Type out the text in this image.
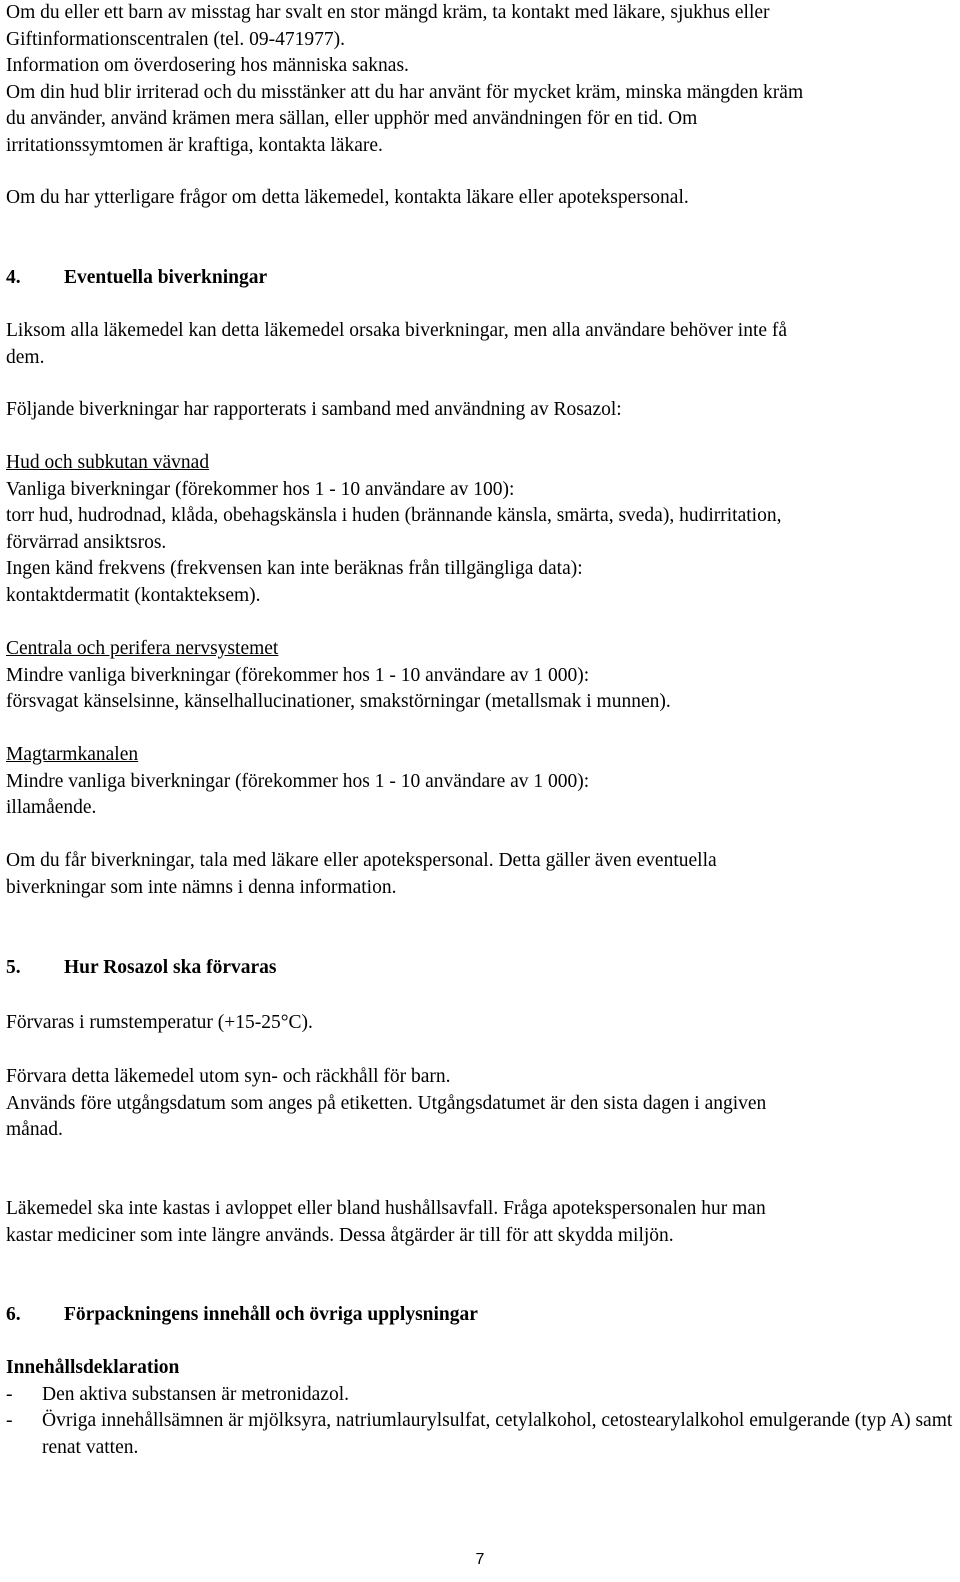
Om du eller ett barn av misstag har svalt en stor mängd kräm, ta kontakt med läkare, sjukhus eller

Giftinformationscentralen (tel. 09-471977).

Information om överdosering hos människa saknas.

Om din hud blir irriterad och du misstänker att du har använt för mycket kräm, minska mängden kräm

du använder, använd krämen mera sällan, eller upphör med användningen för en tid. Om

irritationssymtomen är kraftiga, kontakta läkare.

Om du har ytterligare frågor om detta läkemedel, kontakta läkare eller apotekspersonal.

4. Eventuella biverkningar

Liksom alla läkemedel kan detta läkemedel orsaka biverkningar, men alla användare behöver inte få

dem.

Följande biverkningar har rapporterats i samband med användning av Rosazol:

Hud och subkutan vävnad

Vanliga biverkningar (förekommer hos 1 - 10 användare av 100):

torr hud, hudrodnad, klåda, obehagskänsla i huden (brännande känsla, smärta, sveda), hudirritation,

förvärrad ansiktsros.

Ingen känd frekvens (frekvensen kan inte beräknas från tillgängliga data):

kontaktdermatit (kontakteksem).

Centrala och perifera nervsystemet

Mindre vanliga biverkningar (förekommer hos 1 - 10 användare av 1 000):

försvagat känselsinne, känselhallucinationer, smakstörningar (metallsmak i munnen).

Magtarmkanalen

Mindre vanliga biverkningar (förekommer hos 1 - 10 användare av 1 000):

illamående.

Om du får biverkningar, tala med läkare eller apotekspersonal. Detta gäller även eventuella

biverkningar som inte nämns i denna information.

5. Hur Rosazol ska förvaras

Förvaras i rumstemperatur (+15-25°C).

Förvara detta läkemedel utom syn- och räckhåll för barn.

Används före utgångsdatum som anges på etiketten. Utgångsdatumet är den sista dagen i angiven

månad.

Läkemedel ska inte kastas i avloppet eller bland hushållsavfall. Fråga apotekspersonalen hur man

kastar mediciner som inte längre används. Dessa åtgärder är till för att skydda miljön.

6. Förpackningens innehåll och övriga upplysningar

Innehållsdeklaration

- Den aktiva substansen är metronidazol.

- Övriga innehållsämnen är mjölksyra, natriumlaurylsulfat, cetylalkohol, cetostearylalkohol emulgerande (typ A) samt renat vatten.

7
